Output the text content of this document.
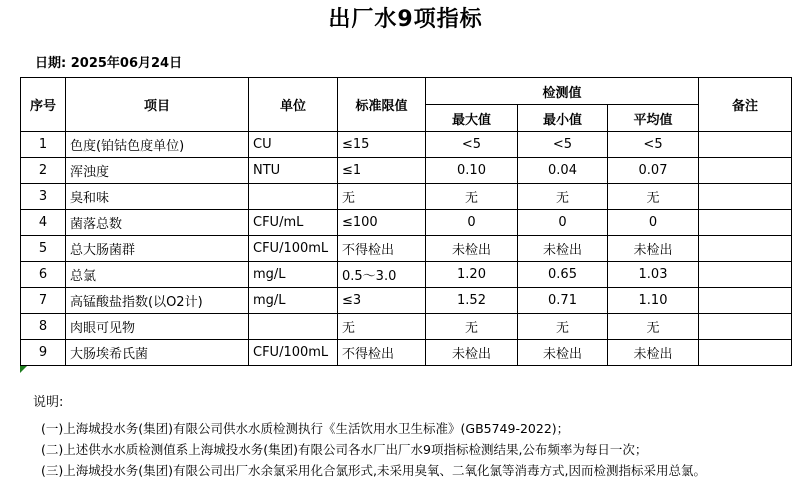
出厂水9项指标
日期: 2025年06月24日
序号	项目	单位	标准限值	检测值			备注
				最大值	最小值	平均值	
1	色度(铂钴色度单位)	CU	≤15	<5	<5	<5	
2	浑浊度	NTU	≤1	0.10	0.04	0.07	
3	臭和味		无	无	无	无	
4	菌落总数	CFU/mL	≤100	0	0	0	
5	总大肠菌群	CFU/100mL	不得检出	未检出	未检出	未检出	
6	总氯	mg/L	0.5～3.0	1.20	0.65	1.03	
7	高锰酸盐指数(以O2计)	mg/L	≤3	1.52	0.71	1.10	
8	肉眼可见物		无	无	无	无	
9	大肠埃希氏菌	CFU/100mL	不得检出	未检出	未检出	未检出	
说明:
(一)上海城投水务(集团)有限公司供水水质检测执行《生活饮用水卫生标准》(GB5749-2022)；
(二)上述供水水质检测值系上海城投水务(集团)有限公司各水厂出厂水9项指标检测结果,公布频率为每日一次；
(三)上海城投水务(集团)有限公司出厂水余氯采用化合氯形式,未采用臭氧、二氧化氯等消毒方式,因而检测指标采用总氯。
